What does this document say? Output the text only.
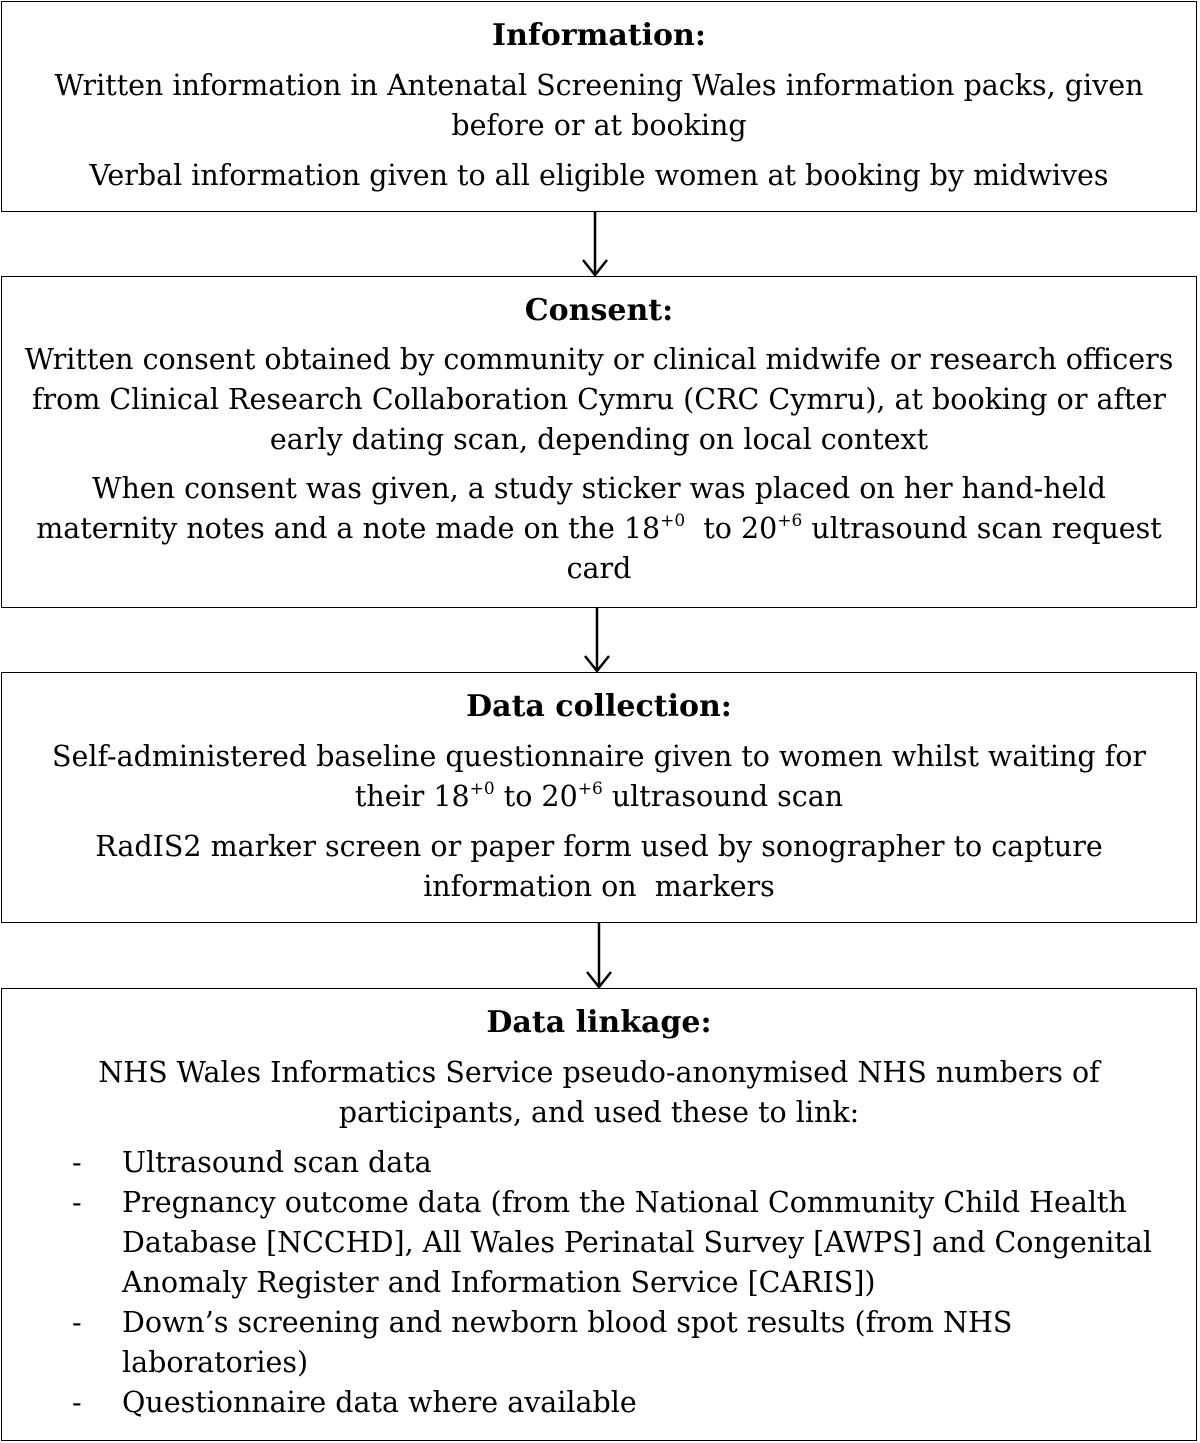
Information:
Written information in Antenatal Screening Wales information packs, given before or at booking
Verbal information given to all eligible women at booking by midwives
Consent:
Written consent obtained by community or clinical midwife or research officers from Clinical Research Collaboration Cymru (CRC Cymru), at booking or after early dating scan, depending on local context
When consent was given, a study sticker was placed on her hand-held maternity notes and a note made on the $18^{+0}$  to $20^{+6}$ ultrasound scan request card
Data collection:
Self-administered baseline questionnaire given to women whilst waiting for their $18^{+0}$ to $20^{+6}$ ultrasound scan
RadIS2 marker screen or paper form used by sonographer to capture information on  markers
Data linkage:
NHS Wales Informatics Service pseudo-anonymised NHS numbers of participants, and used these to link:
- Ultrasound scan data
- Pregnancy outcome data (from the National Community Child Health Database [NCCHD], All Wales Perinatal Survey [AWPS] and Congenital Anomaly Register and Information Service [CARIS])
- Down’s screening and newborn blood spot results (from NHS laboratories)
- Questionnaire data where available
